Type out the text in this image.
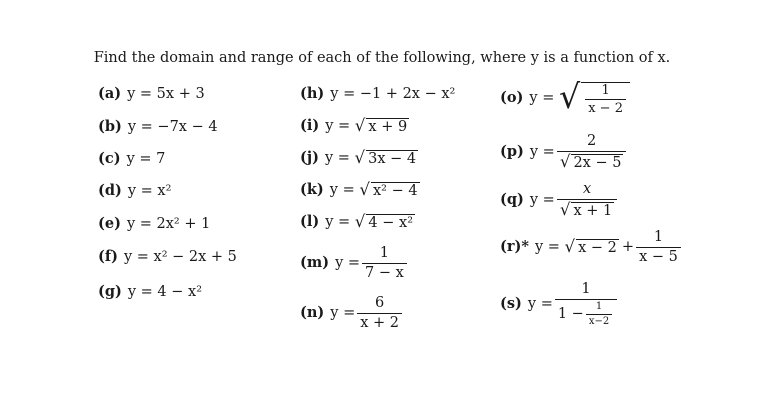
Find the domain and range of each of the following, where y is a function of x.
(a) y = 5x + 3
(b) y = −7x − 4
(c) y = 7
(d) y = x²
(e) y = 2x² + 1
(f) y = x² − 2x + 5
(g) y = 4 − x²
(h) y = −1 + 2x − x²
(i) y =
√ x + 9
(j) y =
√ 3x − 4
(k) y =
√ x² − 4
(l) y =
√ 4 − x²
(m) $y = \frac{1}{7 - x}$
(n) $y = \frac{6}{x + 2}$
(o) y =
√ $\frac{1}{x - 2}$
(p) $y = \frac{2}{√ 2x - 5}$
(q) $y = \frac{x}{√ x + 1}$
(r)* y =
√ $x - 2 + \frac{1}{x - 5}$
(s) $y = \frac{1}{1 - \frac{1}{x-2}}$
